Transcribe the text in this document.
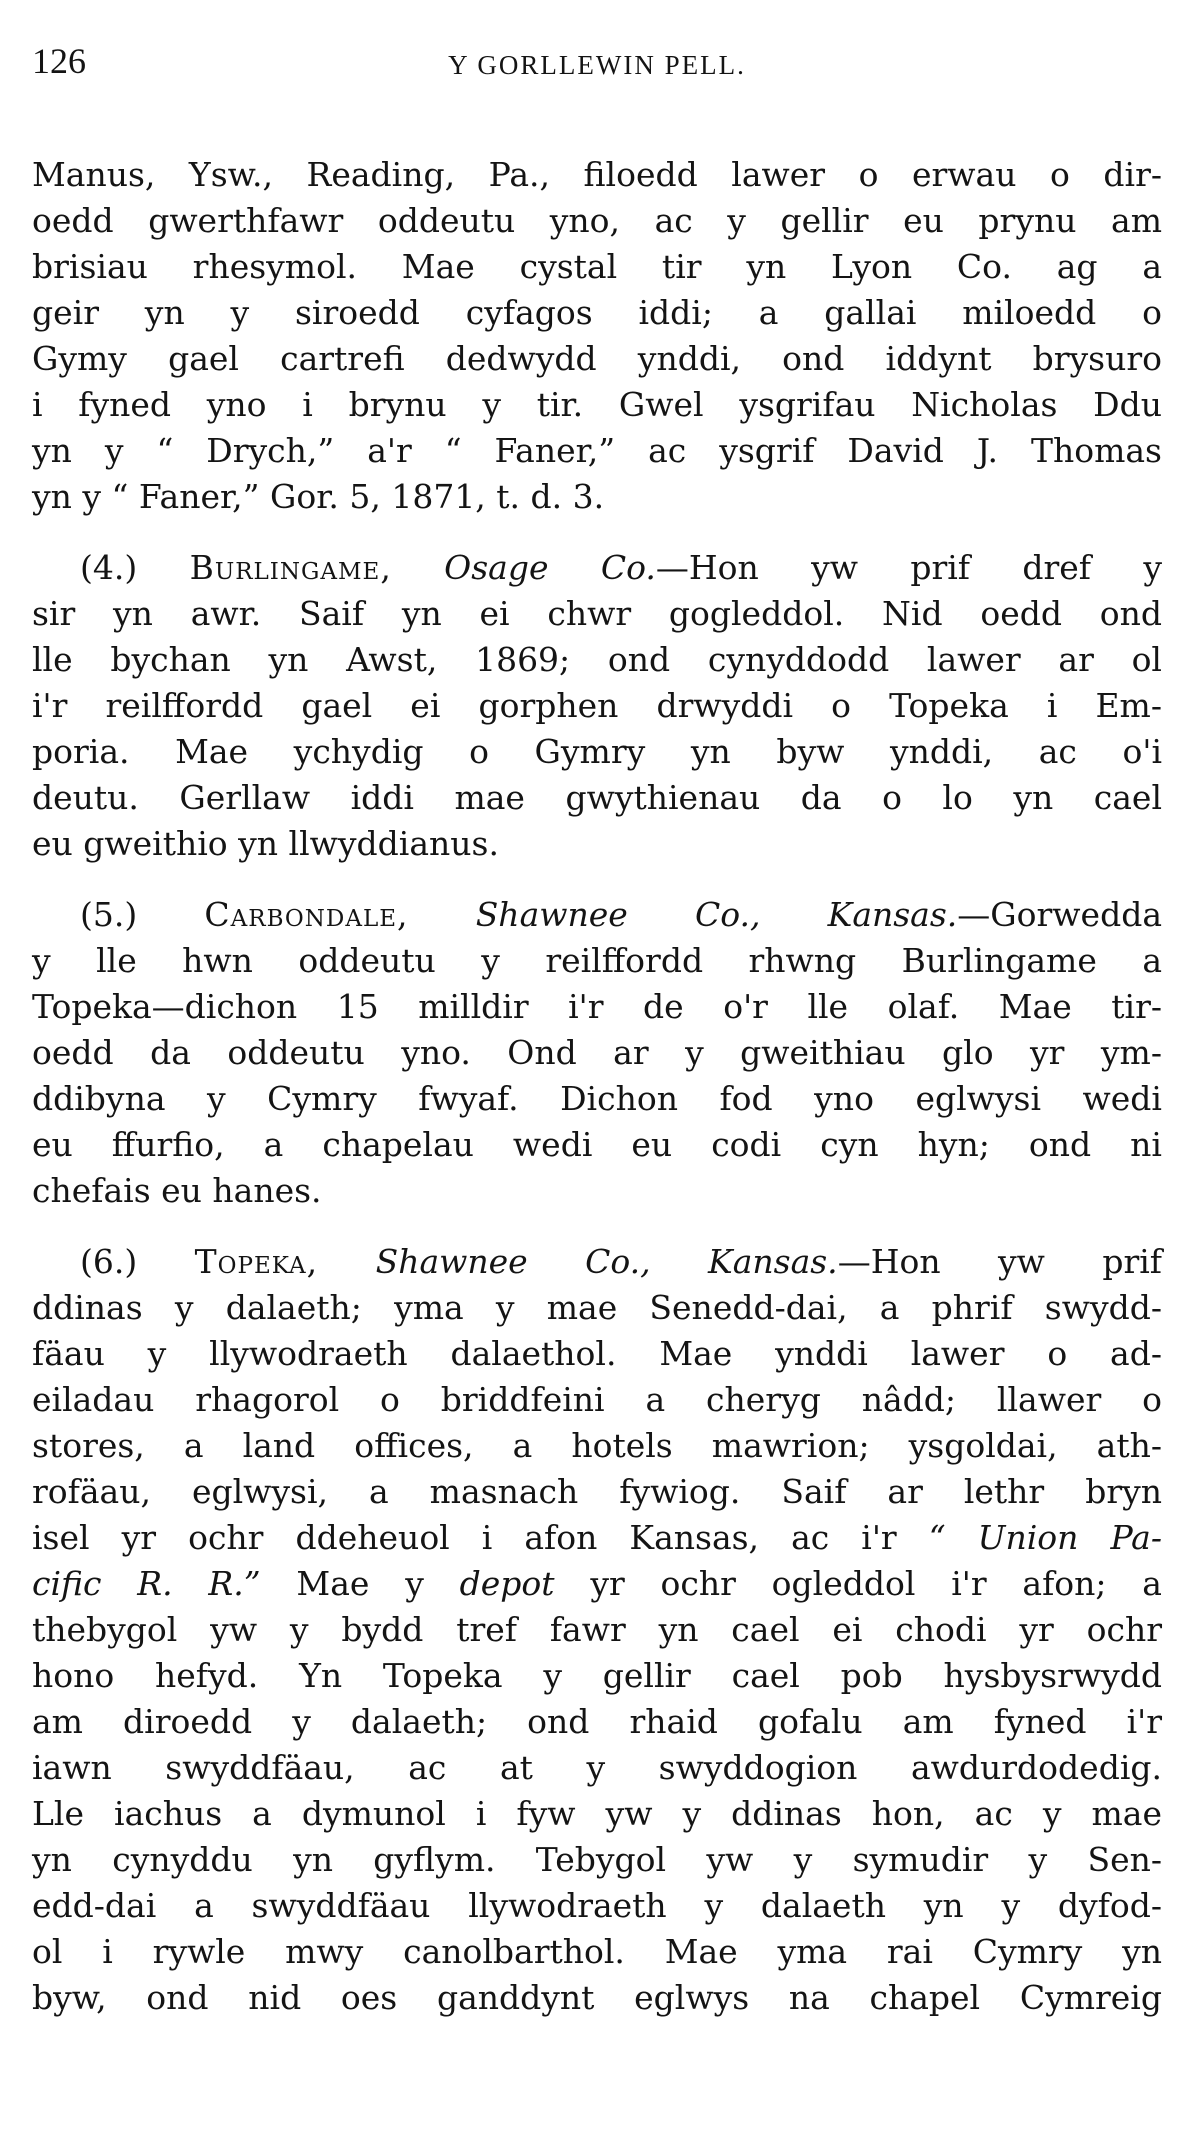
126	Y GORLLEWIN PELL.
Manus, Ysw., Reading, Pa., filoedd lawer o erwau o dir-
oedd gwerthfawr oddeutu yno, ac y gellir eu prynu am
brisiau rhesymol. Mae cystal tir yn Lyon Co. ag a
geir yn y siroedd cyfagos iddi; a gallai miloedd o
Gymy gael cartrefi dedwydd ynddi, ond iddynt brysuro
i fyned yno i brynu y tir. Gwel ysgrifau Nicholas Ddu
yn y “ Drych,” a'r “ Faner,” ac ysgrif David J. Thomas
yn y “ Faner,” Gor. 5, 1871, t. d. 3.
(4.) Burlingame, Osage Co.—Hon yw prif dref y
sir yn awr. Saif yn ei chwr gogleddol. Nid oedd ond
lle bychan yn Awst, 1869; ond cynyddodd lawer ar ol
i'r reilffordd gael ei gorphen drwyddi o Topeka i Em-
poria. Mae ychydig o Gymry yn byw ynddi, ac o'i
deutu. Gerllaw iddi mae gwythienau da o lo yn cael
eu gweithio yn llwyddianus.
(5.) Carbondale, Shawnee Co., Kansas.—Gorwedda
y lle hwn oddeutu y reilffordd rhwng Burlingame a
Topeka—dichon 15 milldir i'r de o'r lle olaf. Mae tir-
oedd da oddeutu yno. Ond ar y gweithiau glo yr ym-
ddibyna y Cymry fwyaf. Dichon fod yno eglwysi wedi
eu ffurfio, a chapelau wedi eu codi cyn hyn; ond ni
chefais eu hanes.
(6.) Topeka, Shawnee Co., Kansas.—Hon yw prif
ddinas y dalaeth; yma y mae Senedd-dai, a phrif swydd-
fäau y llywodraeth dalaethol. Mae ynddi lawer o ad-
eiladau rhagorol o briddfeini a cheryg nâdd; llawer o
stores, a land offices, a hotels mawrion; ysgoldai, ath-
rofäau, eglwysi, a masnach fywiog. Saif ar lethr bryn
isel yr ochr ddeheuol i afon Kansas, ac i'r “ Union Pa-
cific R. R.” Mae y depot yr ochr ogleddol i'r afon; a
thebygol yw y bydd tref fawr yn cael ei chodi yr ochr
hono hefyd. Yn Topeka y gellir cael pob hysbysrwydd
am diroedd y dalaeth; ond rhaid gofalu am fyned i'r
iawn swyddfäau, ac at y swyddogion awdurdodedig.
Lle iachus a dymunol i fyw yw y ddinas hon, ac y mae
yn cynyddu yn gyflym. Tebygol yw y symudir y Sen-
edd-dai a swyddfäau llywodraeth y dalaeth yn y dyfod-
ol i rywle mwy canolbarthol. Mae yma rai Cymry yn
byw, ond nid oes ganddynt eglwys na chapel Cymreig
